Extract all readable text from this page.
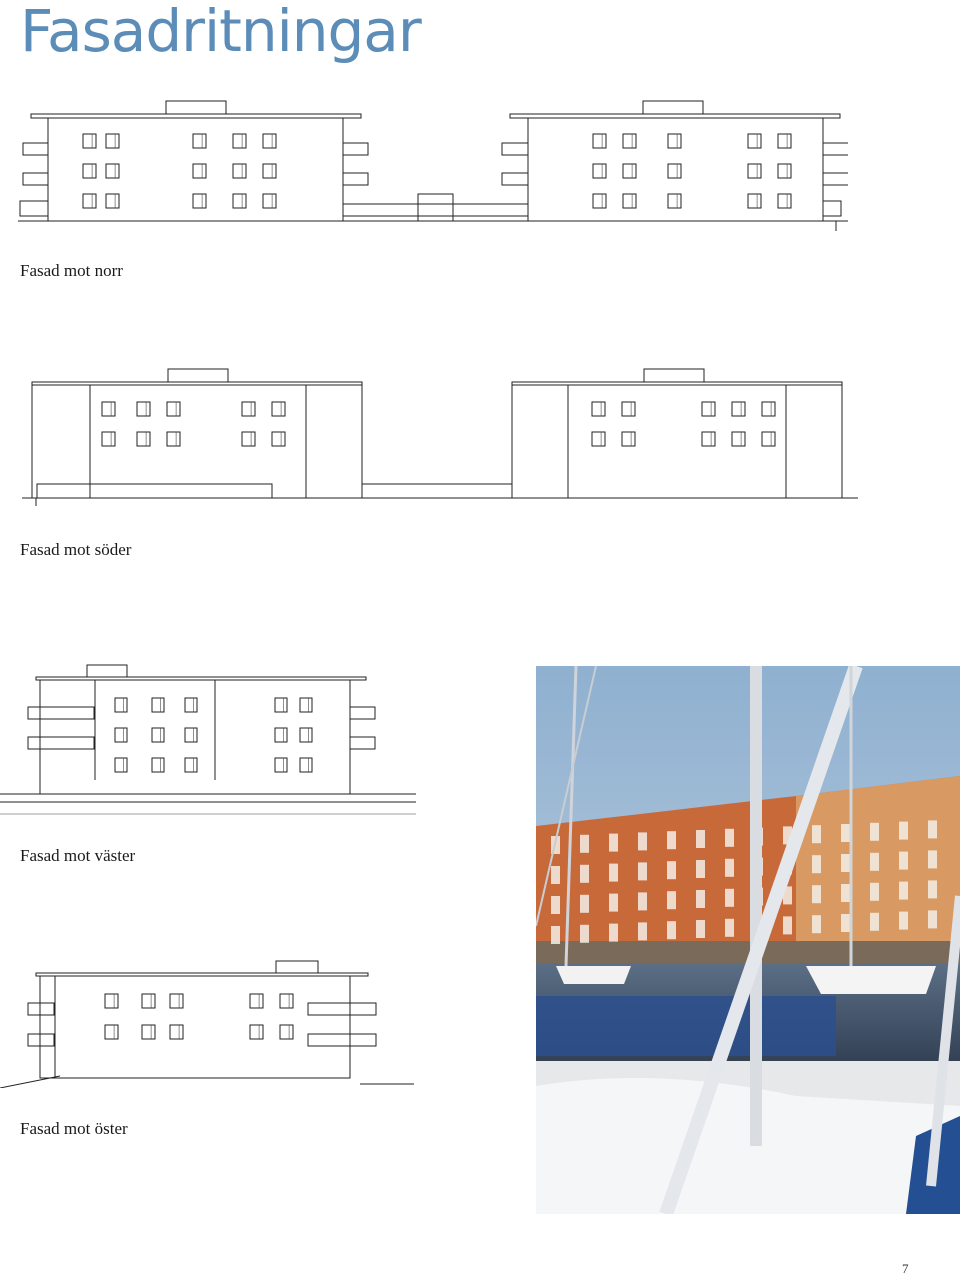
Fasadritningar
Fasad mot norr
Fasad mot söder
Fasad mot väster
Fasad mot öster
7
